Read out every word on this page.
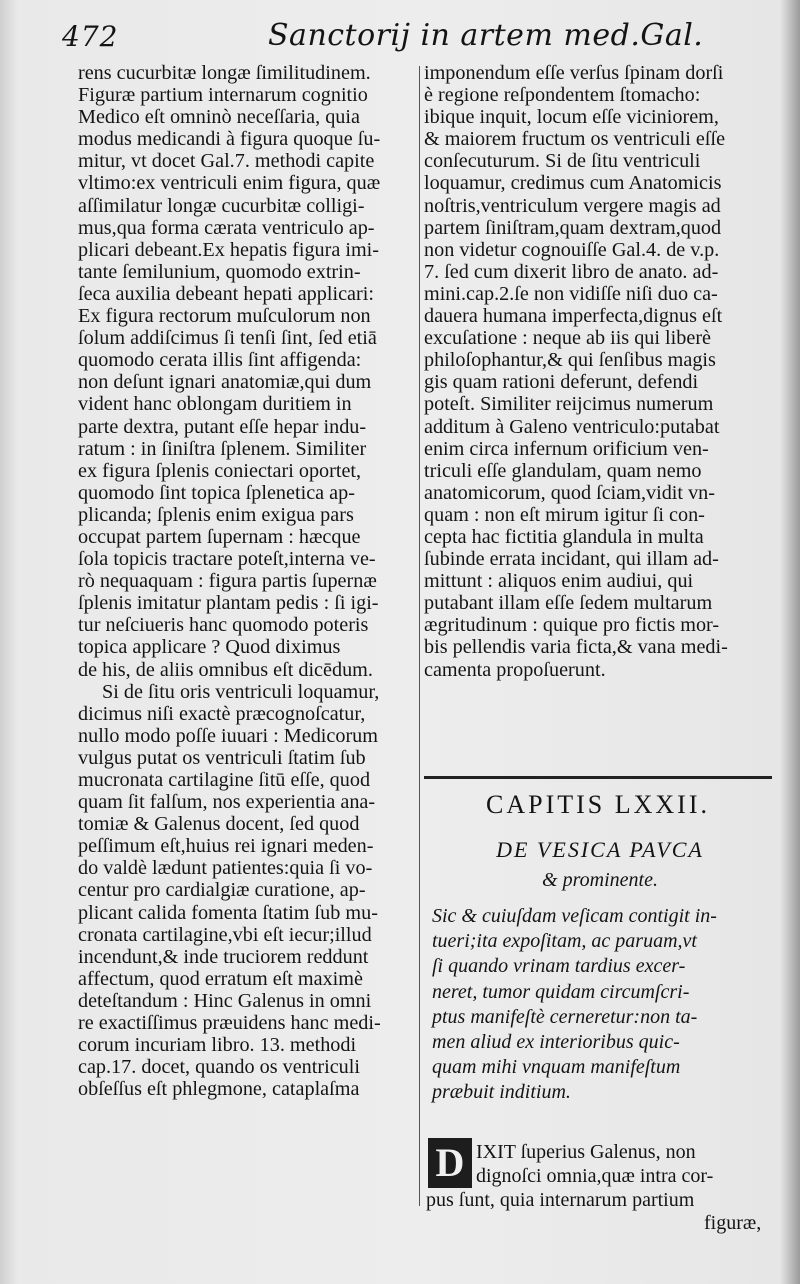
472	Sanctorij in artem med.Gal.
rens cucurbitæ longæ ſimilitudinem.
Figuræ partium internarum cognitio
Medico eſt omninò neceſſaria, quia
modus medicandi à figura quoque ſu-
mitur, vt docet Gal.7. methodi capite
vltimo:ex ventriculi enim figura, quæ
aſſimilatur longæ cucurbitæ colligi-
mus,qua forma cærata ventriculo ap-
plicari debeant.Ex hepatis figura imi-
tante ſemilunium, quomodo extrin-
ſeca auxilia debeant hepati applicari:
Ex figura rectorum muſculorum non
ſolum addiſcimus ſi tenſi ſint, ſed etiā
quomodo cerata illis ſint affigenda:
non deſunt ignari anatomiæ,qui dum
vident hanc oblongam duritiem in
parte dextra, putant eſſe hepar indu-
ratum : in ſiniſtra ſplenem. Similiter
ex figura ſplenis coniectari oportet,
quomodo ſint topica ſplenetica ap-
plicanda; ſplenis enim exigua pars
occupat partem ſupernam : hæcque
ſola topicis tractare poteſt,interna ve-
rò nequaquam : figura partis ſupernæ
ſplenis imitatur plantam pedis : ſi igi-
tur neſciueris hanc quomodo poteris
topica applicare ? Quod diximus
de his, de aliis omnibus eſt dicēdum.
Si de ſitu oris ventriculi loquamur,
dicimus niſi exactè præcognoſcatur,
nullo modo poſſe iuuari : Medicorum
vulgus putat os ventriculi ſtatim ſub
mucronata cartilagine ſitū eſſe, quod
quam ſit falſum, nos experientia ana-
tomiæ & Galenus docent, ſed quod
peſſimum eſt,huius rei ignari meden-
do valdè lædunt patientes:quia ſi vo-
centur pro cardialgiæ curatione, ap-
plicant calida fomenta ſtatim ſub mu-
cronata cartilagine,vbi eſt iecur;illud
incendunt,& inde truciorem reddunt
affectum, quod erratum eſt maximè
deteſtandum : Hinc Galenus in omni
re exactiſſimus præuidens hanc medi-
corum incuriam libro. 13. methodi
cap.17. docet, quando os ventriculi
obſeſſus eſt phlegmone, cataplaſma
imponendum eſſe verſus ſpinam dorſi
è regione reſpondentem ſtomacho:
ibique inquit, locum eſſe viciniorem,
& maiorem fructum os ventriculi eſſe
conſecuturum. Si de ſitu ventriculi
loquamur, credimus cum Anatomicis
noſtris,ventriculum vergere magis ad
partem ſiniſtram,quam dextram,quod
non videtur cognouiſſe Gal.4. de v.p.
7. ſed cum dixerit libro de anato. ad-
mini.cap.2.ſe non vidiſſe niſi duo ca-
dauera humana imperfecta,dignus eſt
excuſatione : neque ab iis qui liberè
philoſophantur,& qui ſenſibus magis
gis quam rationi deferunt, defendi
poteſt. Similiter reijcimus numerum
additum à Galeno ventriculo:putabat
enim circa infernum orificium ven-
triculi eſſe glandulam, quam nemo
anatomicorum, quod ſciam,vidit vn-
quam : non eſt mirum igitur ſi con-
cepta hac fictitia glandula in multa
ſubinde errata incidant, qui illam ad-
mittunt : aliquos enim audiui, qui
putabant illam eſſe ſedem multarum
ægritudinum : quique pro fictis mor-
bis pellendis varia ficta,& vana medi-
camenta propoſuerunt.
CAPITIS LXXII.
DE VESICA PAVCA
& prominente.
Sic & cuiuſdam veſicam contigit in-
tueri;ita expoſitam, ac paruam,vt
ſi quando vrinam tardius excer-
neret, tumor quidam circumſcri-
ptus manifeſtè cerneretur:non ta-
men aliud ex interioribus quic-
quam mihi vnquam manifeſtum
præbuit inditium.
D IXIT ſuperius Galenus, non
dignoſci omnia,quæ intra cor-
pus ſunt, quia internarum partium
figuræ,
